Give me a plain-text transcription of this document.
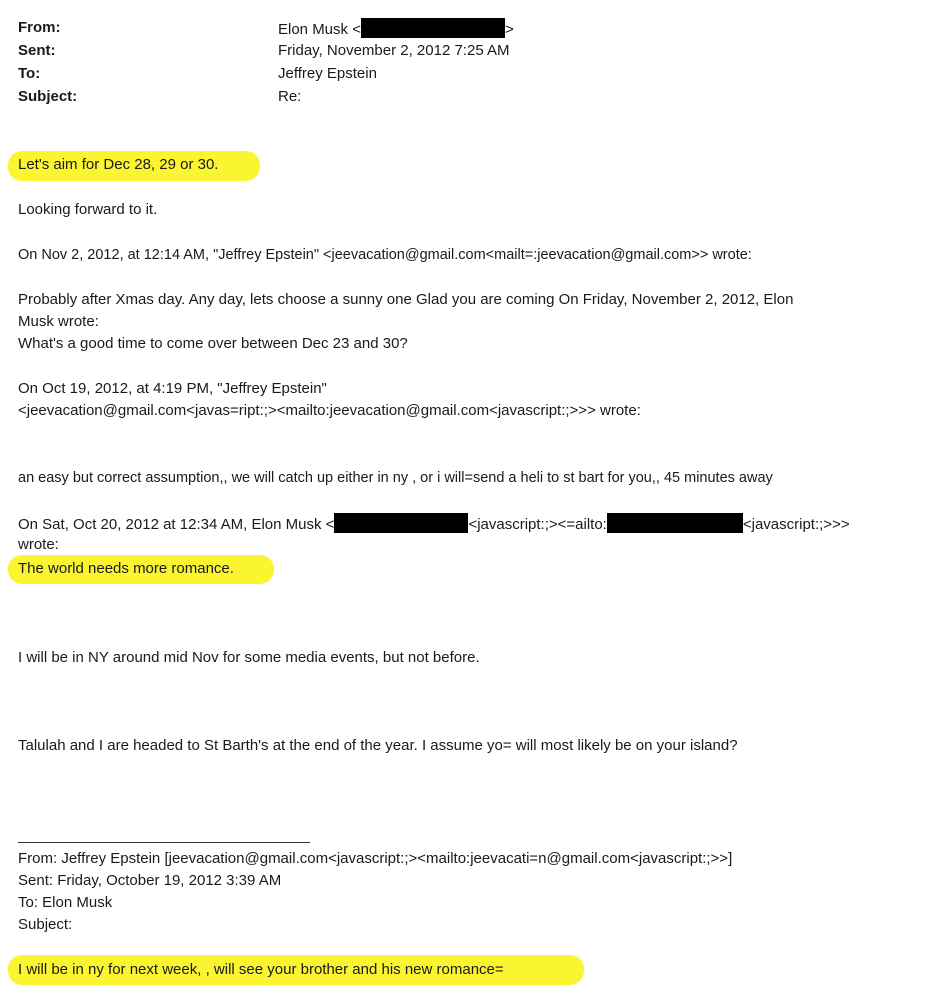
From:	Elon Musk <	>
Sent:	Friday, November 2, 2012 7:25 AM
To:	Jeffrey Epstein
Subject:	Re:
Let's aim for Dec 28, 29 or 30.
Looking forward to it.
On Nov 2, 2012, at 12:14 AM, "Jeffrey Epstein" <jeevacation@gmail.com<mailt=:jeevacation@gmail.com>> wrote:
Probably after Xmas day. Any day, lets choose a sunny one Glad you are coming On Friday, November 2, 2012, Elon
Musk wrote:
What's a good time to come over between Dec 23 and 30?
On Oct 19, 2012, at 4:19 PM, "Jeffrey Epstein"
<jeevacation@gmail.com<javas=ript:;><mailto:jeevacation@gmail.com<javascript:;>>> wrote:
an easy but correct assumption,, we will catch up either in ny , or i will=send a heli to st bart for you,, 45 minutes away
On Sat, Oct 20, 2012 at 12:34 AM, Elon Musk <	<javascript:;><=ailto:	<javascript:;>>>
wrote:
The world needs more romance.
I will be in NY around mid Nov for some media events, but not before.
Talulah and I are headed to St Barth's at the end of the year. I assume yo= will most likely be on your island?
From: Jeffrey Epstein [jeevacation@gmail.com<javascript:;><mailto:jeevacati=n@gmail.com<javascript:;>>]
Sent: Friday, October 19, 2012 3:39 AM
To: Elon Musk
Subject:
I will be in ny for next week, , will see your brother and his new romance=
